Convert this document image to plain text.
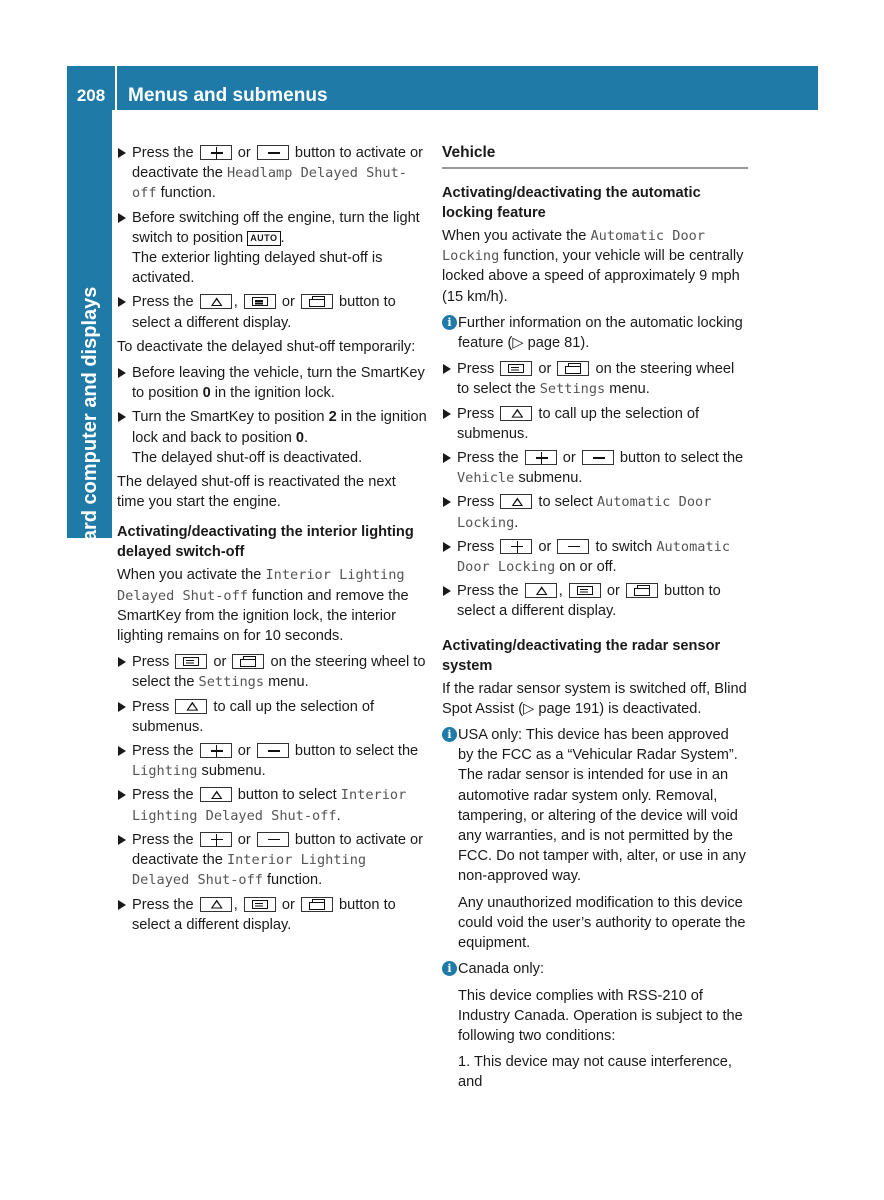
208	Menus and submenus
On-board computer and displays
Press the  or  button to activate or deactivate the Headlamp Delayed Shut-off function.
Before switching off the engine, turn the light switch to position AUTO .
The exterior lighting delayed shut-off is activated.
Press the ,  or  button to select a different display.

To deactivate the delayed shut-off temporarily:

Before leaving the vehicle, turn the SmartKey to position 0 in the ignition lock.
Turn the SmartKey to position 2 in the ignition lock and back to position 0.
The delayed shut-off is deactivated.

The delayed shut-off is reactivated the next time you start the engine.

Activating/deactivating the interior lighting delayed switch-off

When you activate the Interior Lighting Delayed Shut-off function and remove the SmartKey from the ignition lock, the interior lighting remains on for 10 seconds.

Press  or  on the steering wheel to select the Settings menu.
Press  to call up the selection of submenus.
Press the  or  button to select the Lighting submenu.
Press the  button to select Interior Lighting Delayed Shut-off.
Press the  or  button to activate or deactivate the Interior Lighting Delayed Shut-off function.
Press the ,  or  button to select a different display.
Vehicle
Activating/deactivating the automatic locking feature

When you activate the Automatic Door Locking function, your vehicle will be centrally locked above a speed of approximately 9 mph (15 km/h).

i Further information on the automatic locking feature (▷ page 81).
Press  or  on the steering wheel to select the Settings menu.
Press  to call up the selection of submenus.
Press the  or  button to select the Vehicle submenu.
Press  to select Automatic Door Locking.
Press  or  to switch Automatic Door Locking on or off.
Press the ,  or  button to select a different display.
Activating/deactivating the radar sensor system

If the radar sensor system is switched off, Blind Spot Assist (▷ page 191) is deactivated.

i USA only: This device has been approved by the FCC as a “Vehicular Radar System”. The radar sensor is intended for use in an automotive radar system only. Removal, tampering, or altering of the device will void any warranties, and is not permitted by the FCC. Do not tamper with, alter, or use in any non-approved way.

Any unauthorized modification to this device could void the user’s authority to operate the equipment.

i Canada only:

This device complies with RSS-210 of Industry Canada. Operation is subject to the following two conditions:

1. This device may not cause interference, and
